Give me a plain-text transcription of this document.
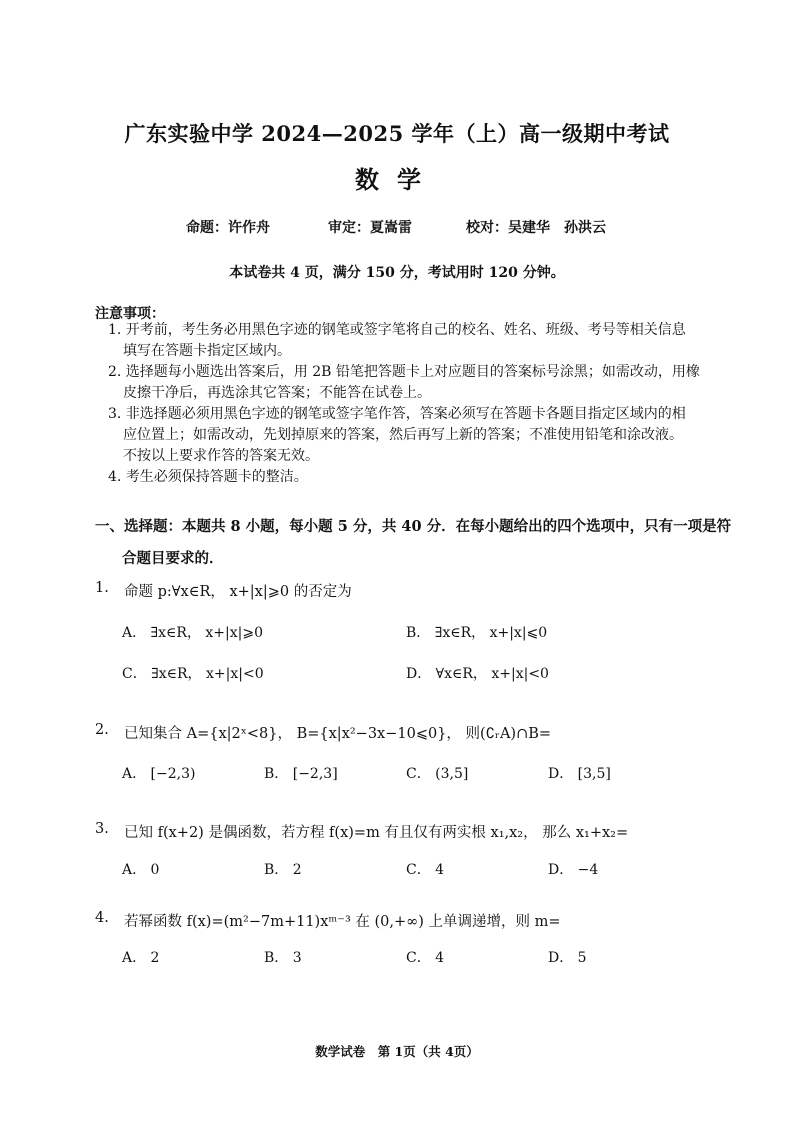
广东实验中学 2024—2025 学年（上）高一级期中考试
数学
命题：许作舟	审定：夏嵩雷	校对：吴建华　孙洪云
本试卷共 4 页，满分 150 分，考试用时 120 分钟。
注意事项：
1. 开考前，考生务必用黑色字迹的钢笔或签字笔将自己的校名、姓名、班级、考号等相关信息
填写在答题卡指定区域内。
2. 选择题每小题选出答案后，用 2B 铅笔把答题卡上对应题目的答案标号涂黑；如需改动，用橡
皮擦干净后，再选涂其它答案；不能答在试卷上。
3. 非选择题必须用黑色字迹的钢笔或签字笔作答，答案必须写在答题卡各题目指定区域内的相
应位置上；如需改动，先划掉原来的答案，然后再写上新的答案；不准使用铅笔和涂改液。
不按以上要求作答的答案无效。
4. 考生必须保持答题卡的整洁。
一、选择题：本题共 8 小题，每小题 5 分，共 40 分．在每小题给出的四个选项中，只有一项是符
合题目要求的．
1. 命题 p:∀x∈R， x+|x|⩾0 的否定为
A． ∃x∈R， x+|x|⩾0	B． ∃x∈R， x+|x|⩽0
C． ∃x∈R， x+|x|<0	D． ∀x∈R， x+|x|<0
2. 已知集合 A={x|2ˣ<8}， B={x|x²−3x−10⩽0}， 则(∁ᵣA)∩B=
A． [−2,3)	B． [−2,3]	C． (3,5]	D． [3,5]
3. 已知 f(x+2) 是偶函数，若方程 f(x)=m 有且仅有两实根 x₁,x₂， 那么 x₁+x₂=
A． 0	B． 2	C． 4	D． −4
4. 若幂函数 f(x)=(m²−7m+11)xᵐ⁻³ 在 (0,+∞) 上单调递增，则 m=
A． 2	B． 3	C． 4	D． 5
数学试卷　第 1页（共 4页）
